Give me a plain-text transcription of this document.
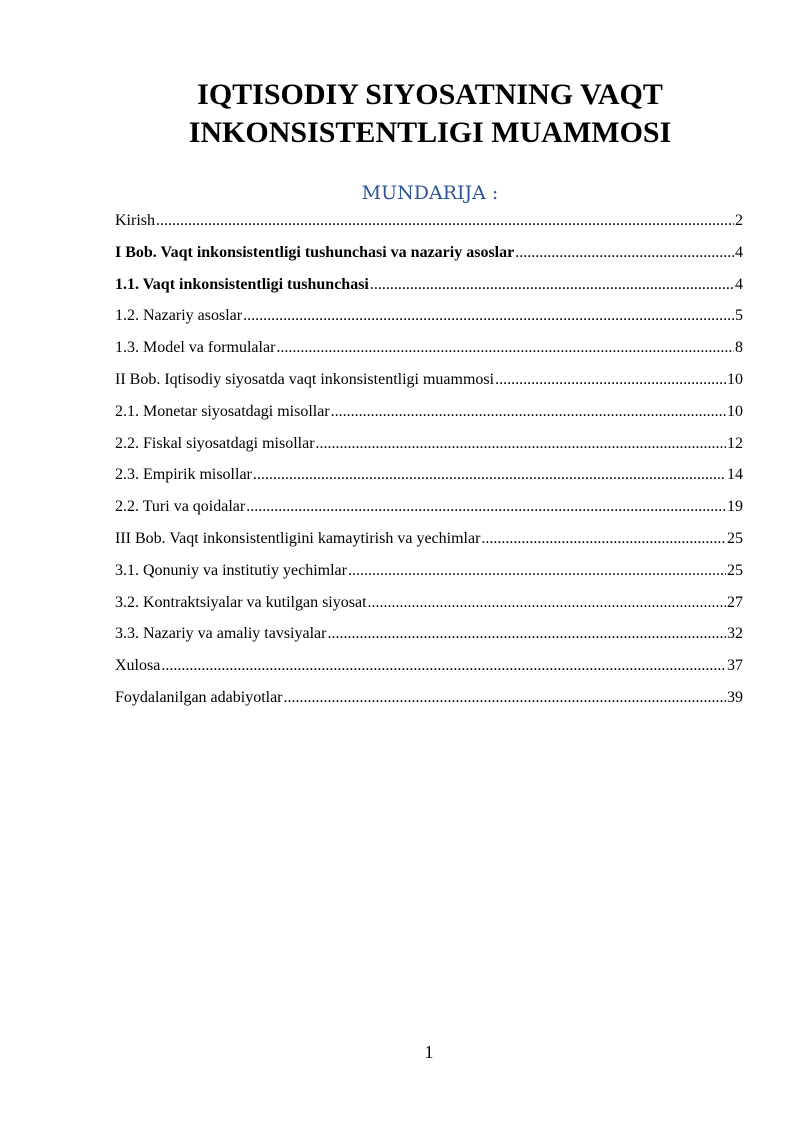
IQTISODIY SIYOSATNING VAQT INKONSISTENTLIGI MUAMMOSI
MUNDARIJA :
Kirish .....	2
I Bob. Vaqt inkonsistentligi tushunchasi va nazariy asoslar .....	4
1.1. Vaqt inkonsistentligi tushunchasi .....	4
1.2. Nazariy asoslar .....	5
1.3. Model va formulalar .....	8
II Bob. Iqtisodiy siyosatda vaqt inkonsistentligi muammosi .....	10
2.1. Monetar siyosatdagi misollar .....	10
2.2. Fiskal siyosatdagi misollar .....	12
2.3. Empirik misollar .....	14
2.2. Turi va qoidalar .....	19
III Bob. Vaqt inkonsistentligini kamaytirish va yechimlar .....	25
3.1. Qonuniy va institutiy yechimlar .....	25
3.2. Kontraktsiyalar va kutilgan siyosat .....	27
3.3. Nazariy va amaliy tavsiyalar .....	32
Xulosa .....	37
Foydalanilgan adabiyotlar .....	39
1
